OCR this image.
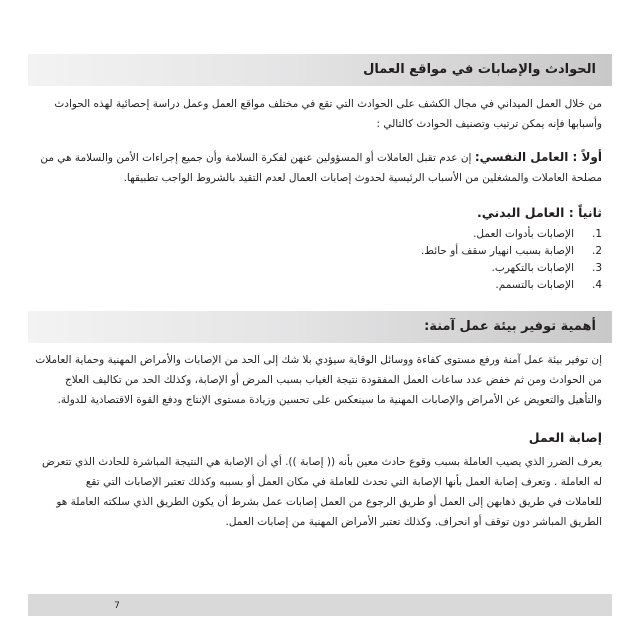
الحوادث والإصابات في مواقع العمال
من خلال العمل الميداني في مجال الكشف على الحوادث التي تقع في مختلف مواقع العمل وعمل دراسة إحصائية لهذه الحوادث
وأسبابها فإنه يمكن ترتيب وتصنيف الحوادث كالتالي :
أولاً : العامل النفسي: إن عدم تقبل العاملات أو المسؤولين عنهن لفكرة السلامة وأن جميع إجراءات الأمن والسلامة هي من
مصلحة العاملات والمشغلين من الأسباب الرئيسية لحدوث إصابات العمال لعدم التقيد بالشروط الواجب تطبيقها.
ثانياً : العامل البدني.
1.
الإصابات بأدوات العمل.
2.
الإصابة بسبب انهيار سقف أو حائط.
3.
الإصابات بالتكهرب.
4.
الإصابات بالتسمم.
أهمية توفير بيئة عمل آمنة:
إن توفير بيئة عمل آمنة ورفع مستوى كفاءة ووسائل الوقاية سيؤدي بلا شك إلى الحد من الإصابات والأمراض المهنية وحماية العاملات
من الحوادث ومن ثم خفض عدد ساعات العمل المفقودة نتيجة الغياب بسبب المرض أو الإصابة، وكذلك الحد من تكاليف العلاج
والتأهيل والتعويض عن الأمراض والإصابات المهنية ما سينعكس على تحسين وزيادة مستوى الإنتاج ودفع القوة الاقتصادية للدولة.
إصابة العمل
يعرف الضرر الذي يصيب العاملة بسبب وقوع حادث معين بأنه (( إصابة )). أي أن الإصابة هي النتيجة المباشرة للحادث الذي تتعرض
له العاملة . وتعرف إصابة العمل بأنها الإصابة التي تحدث للعاملة في مكان العمل أو بسببه وكذلك تعتبر الإصابات التي تقع
للعاملات في طريق ذهابهن إلى العمل أو طريق الرجوع من العمل إصابات عمل بشرط أن يكون الطريق الذي سلكته العاملة هو
الطريق المباشر دون توقف أو انحراف. وكذلك تعتبر الأمراض المهنية من إصابات العمل.
7
